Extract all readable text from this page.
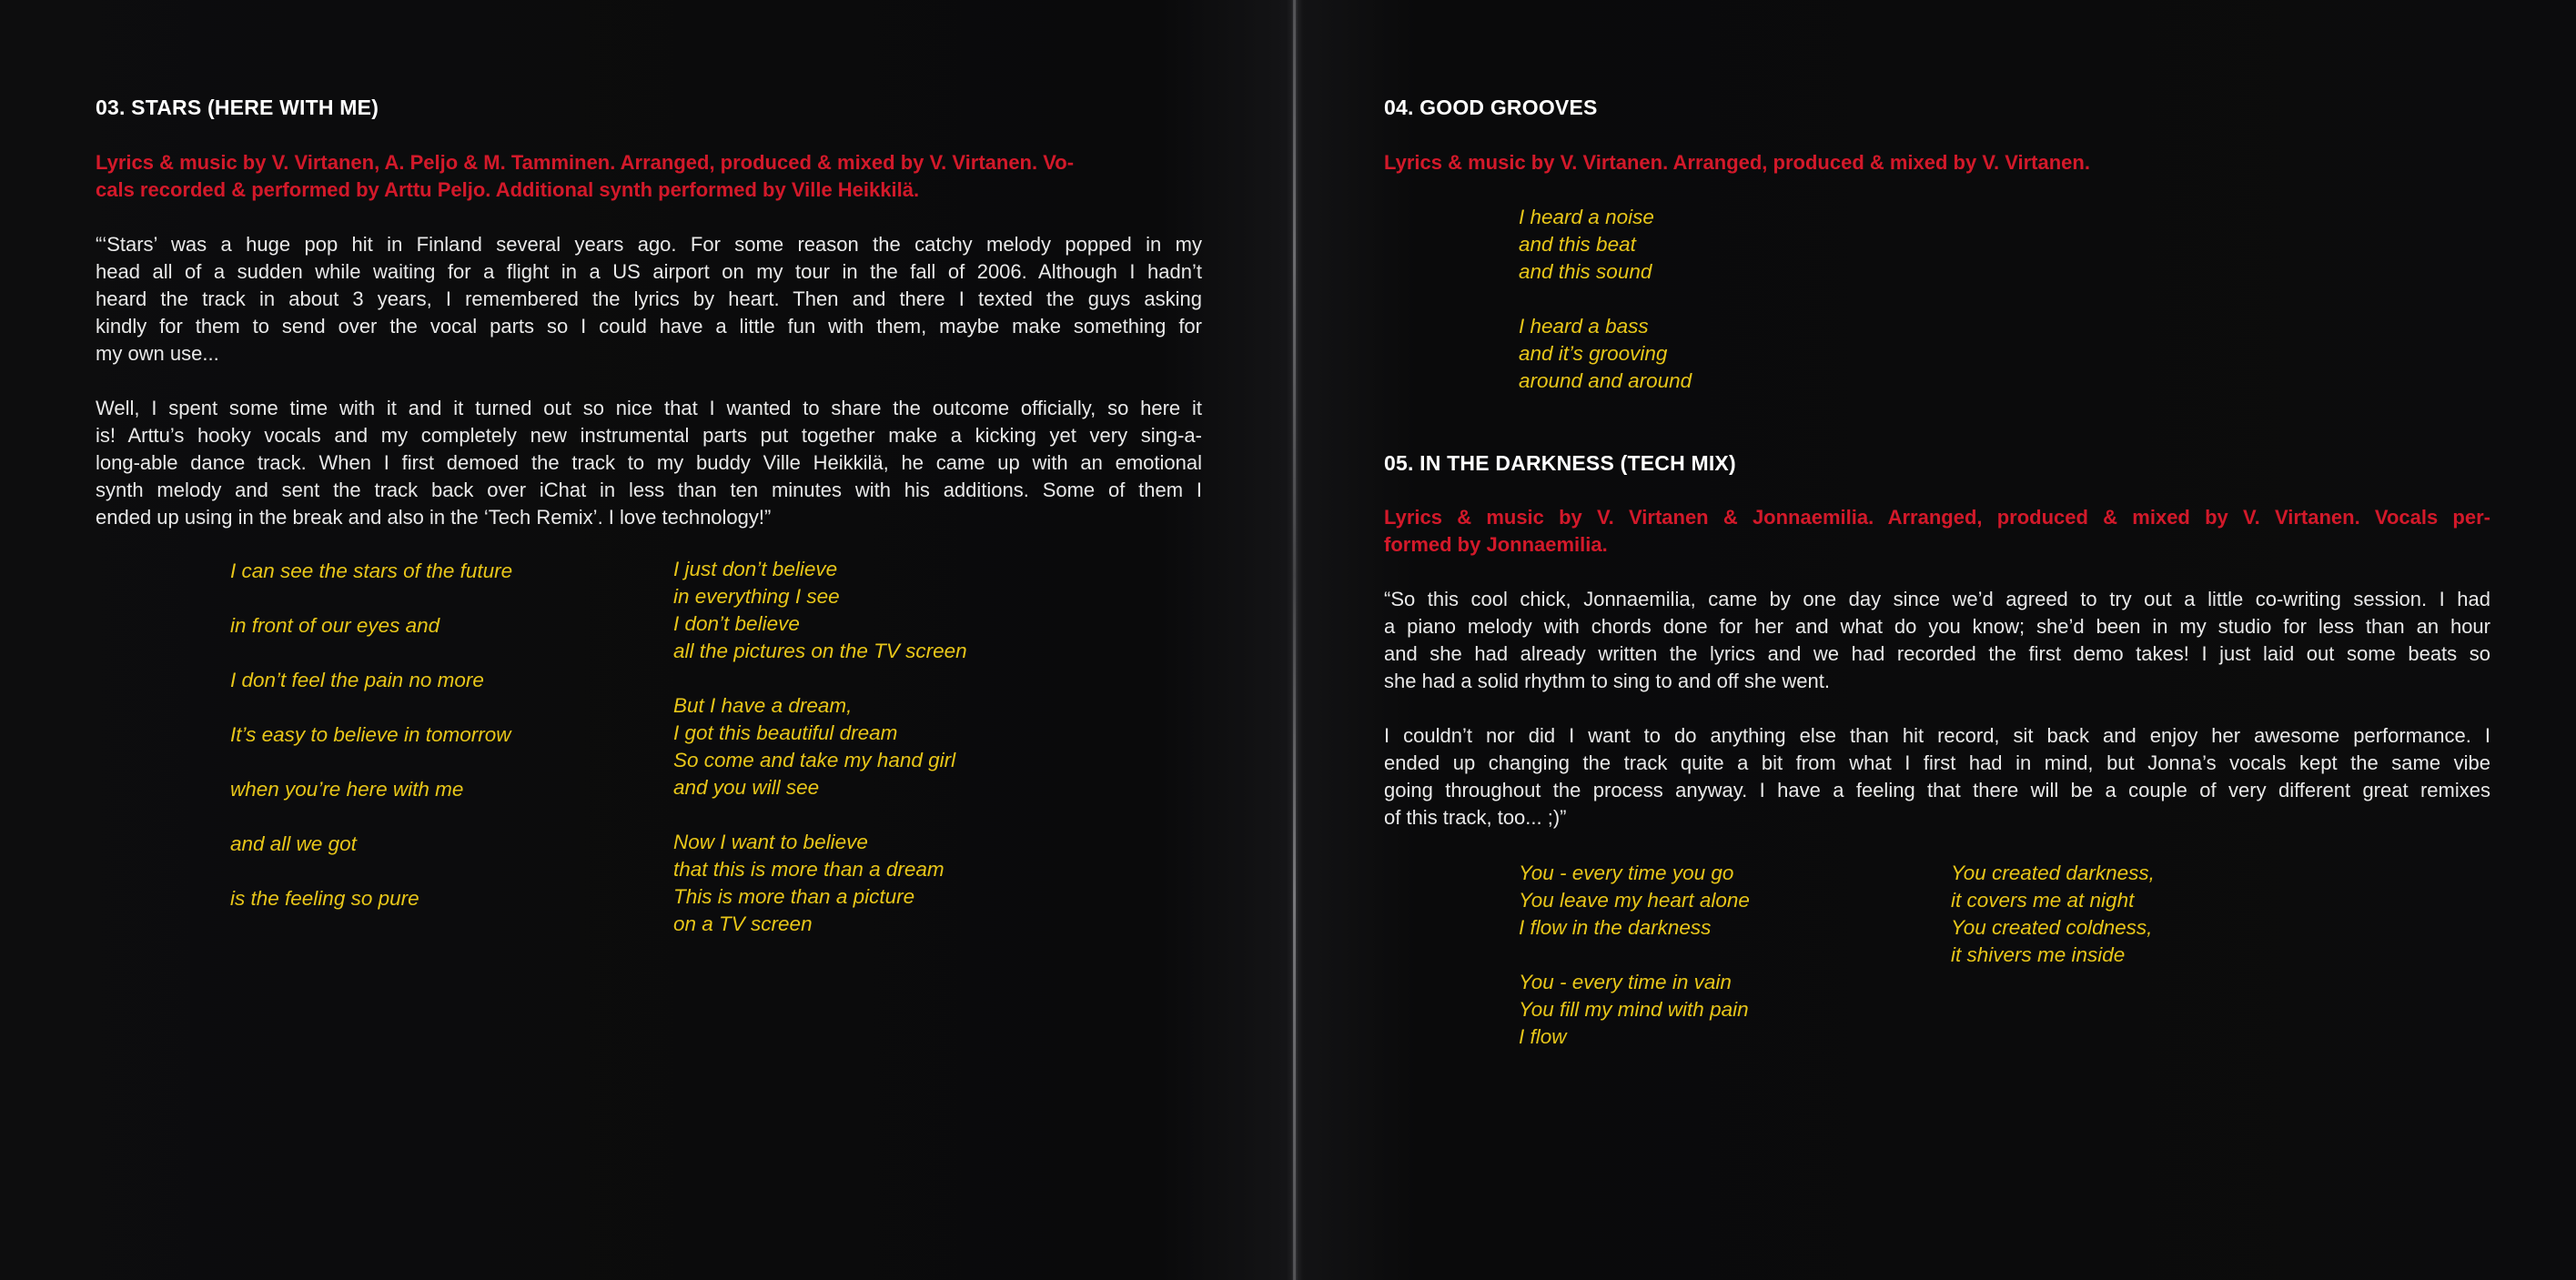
03. STARS (HERE WITH ME)
Lyrics & music by V. Virtanen, A. Peljo & M. Tamminen. Arranged, produced & mixed by V. Virtanen. Vo-
cals recorded & performed by Arttu Peljo. Additional synth performed by Ville Heikkilä.
“‘Stars’ was a huge pop hit in Finland several years ago. For some reason the catchy melody popped in my
head all of a sudden while waiting for a flight in a US airport on my tour in the fall of 2006. Although I hadn’t
heard the track in about 3 years, I remembered the lyrics by heart. Then and there I texted the guys asking
kindly for them to send over the vocal parts so I could have a little fun with them, maybe make something for
my own use...
Well, I spent some time with it and it turned out so nice that I wanted to share the outcome officially, so here it
is! Arttu’s hooky vocals and my completely new instrumental parts put together make a kicking yet very sing-a-
long-able dance track. When I first demoed the track to my buddy Ville Heikkilä, he came up with an emotional
synth melody and sent the track back over iChat in less than ten minutes with his additions. Some of them I
ended up using in the break and also in the ‘Tech Remix’. I love technology!”
I can see the stars of the future
in front of our eyes and
I don’t feel the pain no more
It’s easy to believe in tomorrow
when you’re here with me
and all we got
is the feeling so pure
I just don’t believe
in everything I see
I don’t believe
all the pictures on the TV screen
But I have a dream,
I got this beautiful dream
So come and take my hand girl
and you will see
Now I want to believe
that this is more than a dream
This is more than a picture
on a TV screen
04. GOOD GROOVES
Lyrics & music by V. Virtanen. Arranged, produced & mixed by V. Virtanen.
I heard a noise
and this beat
and this sound
I heard a bass
and it’s grooving
around and around
05. IN THE DARKNESS (TECH MIX)
Lyrics & music by V. Virtanen & Jonnaemilia. Arranged, produced & mixed by V. Virtanen. Vocals per-
formed by Jonnaemilia.
“So this cool chick, Jonnaemilia, came by one day since we’d agreed to try out a little co-writing session. I had
a piano melody with chords done for her and what do you know; she’d been in my studio for less than an hour
and she had already written the lyrics and we had recorded the first demo takes! I just laid out some beats so
she had a solid rhythm to sing to and off she went.
I couldn’t nor did I want to do anything else than hit record, sit back and enjoy her awesome performance. I
ended up changing the track quite a bit from what I first had in mind, but Jonna’s vocals kept the same vibe
going throughout the process anyway. I have a feeling that there will be a couple of very different great remixes
of this track, too... ;)”
You - every time you go
You leave my heart alone
I flow in the darkness
You - every time in vain
You fill my mind with pain
I flow
You created darkness,
it covers me at night
You created coldness,
it shivers me inside
